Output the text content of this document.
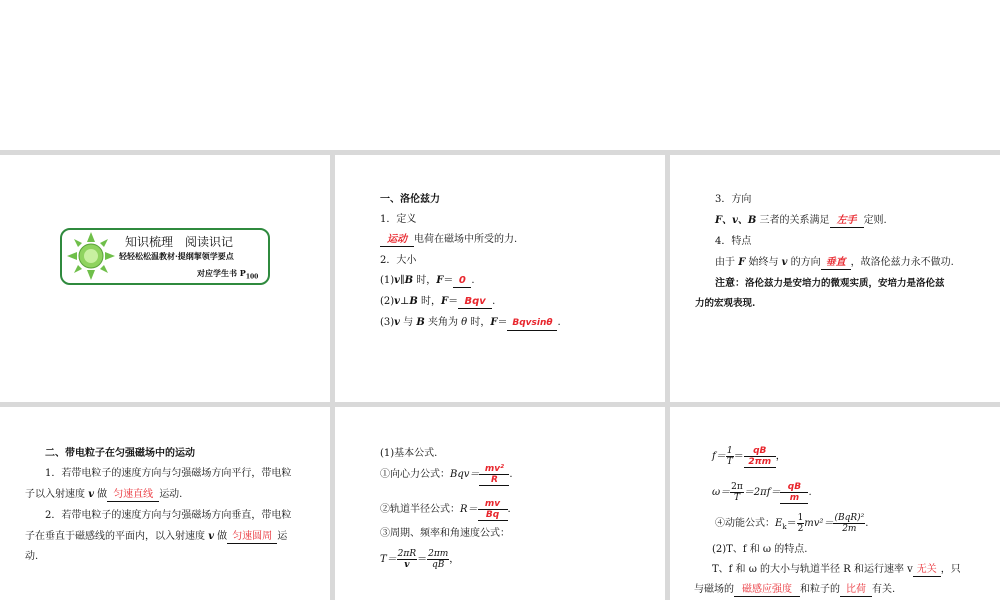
知识梳理　阅读识记
轻轻松松温教材·提纲挈领学要点
对应学生书 $P_{100}$
一、洛伦兹力
1．定义
运动 电荷在磁场中所受的力.
2．大小
(1)v∥B 时，F＝ 0 .
(2)v⊥B 时，F＝ Bqv .
(3)v 与 B 夹角为 θ 时，F＝ Bqvsinθ .
3．方向
F、v、B 三者的关系满足 左手 定则.
4．特点
由于 F 始终与 v 的方向 垂直 ，故洛伦兹力永不做功.
注意：洛伦兹力是安培力的微观实质，安培力是洛伦兹
力的宏观表现.
二、带电粒子在匀强磁场中的运动
1．若带电粒子的速度方向与匀强磁场方向平行，带电粒
子以入射速度 v 做 匀速直线 运动.
2．若带电粒子的速度方向与匀强磁场方向垂直，带电粒
子在垂直于磁感线的平面内，以入射速度 v 做 匀速圆周 运
动.
(1)基本公式.
①向心力公式：$Bqv= \frac{\text{mv²}}{R}$ .
②轨道半径公式：$R= \frac{mv}{Bq}$ .
③周期、频率和角速度公式：
$T= \frac{2\pi R}{v} = \frac{2\pi m}{qB}$ ，
$f= \frac{1}{T} = \frac{qB}{2\pi m}$ ，
$\omega= \frac{2\pi}{T} =2\pi f= \frac{qB}{m}$ .
④动能公式：$E_k= \frac{1}{2} mv^2= \frac{\text{(BqR)²}}{2m}$ .
(2)T、f 和 ω 的特点.
T、f 和 ω 的大小与轨道半径 R 和运行速率 v 无关 ，只
与磁场的 磁感应强度 和粒子的 比荷 有关.
